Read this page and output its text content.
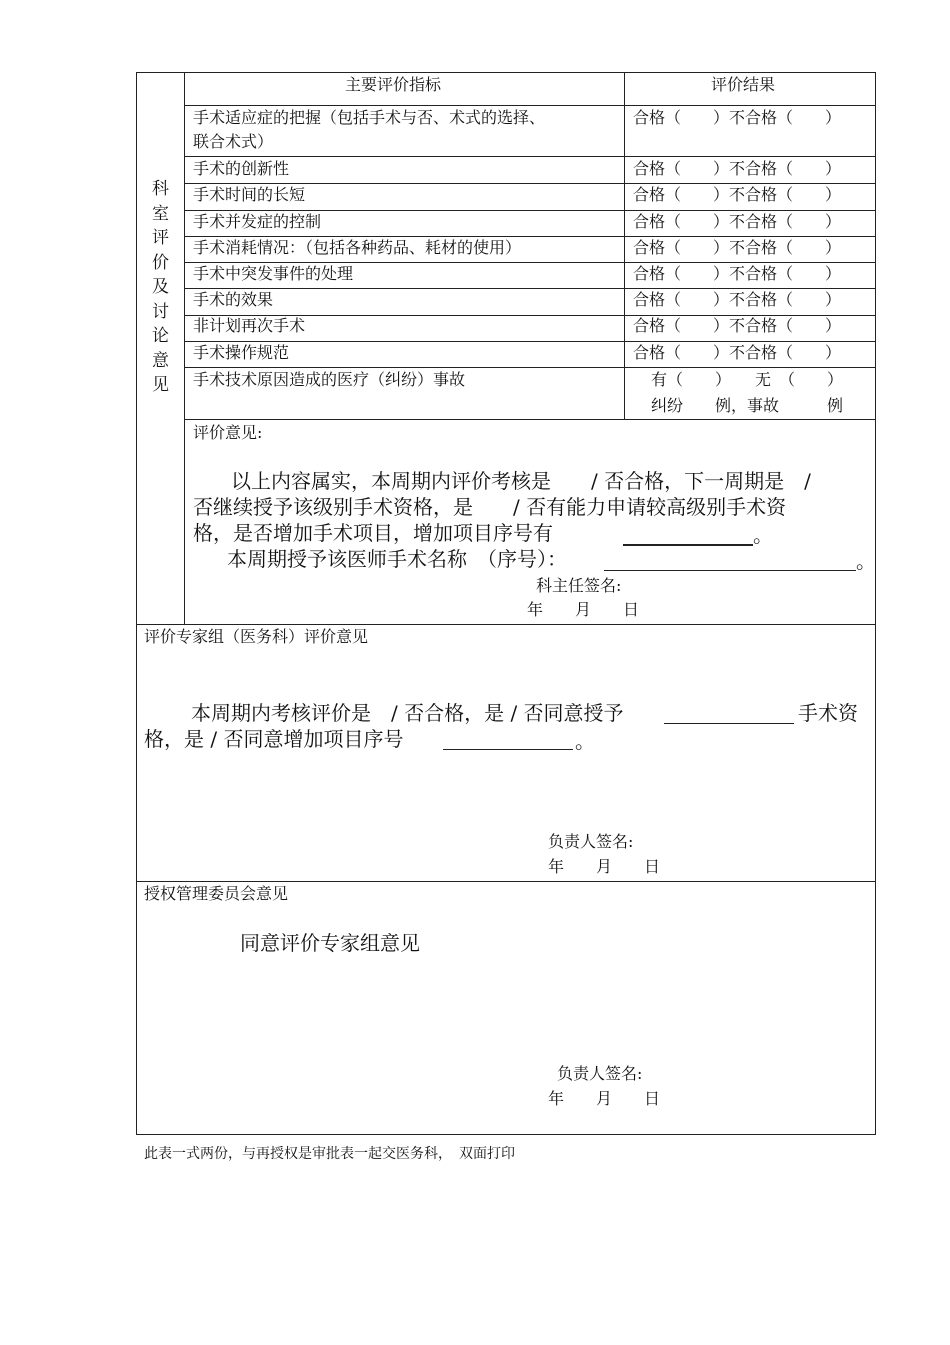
科
室
评
价
及
讨
论
意
见
主要评价指标	评价结果
手术适应症的把握（包括手术与否、术式的选择、
联合术式）
合格（　　）不合格（　　）
手术的创新性	合格（　　）不合格（　　）
手术时间的长短	合格（　　）不合格（　　）
手术并发症的控制	合格（　　）不合格（　　）
手术消耗情况：（包括各种药品、耗材的使用）	合格（　　）不合格（　　）
手术中突发事件的处理	合格（　　）不合格（　　）
手术的效果	合格（　　）不合格（　　）
非计划再次手术	合格（　　）不合格（　　）
手术操作规范	合格（　　）不合格（　　）
手术技术原因造成的医疗（纠纷）事故	有（　　）　　无　（　　）
纠纷　　例，事故　　　例
评价意见:
以上内容属实，本周期内评价考核是　　/ 否合格，下一周期是　/
否继续授予该级别手术资格，是　　/ 否有能力申请较高级别手术资
格，是否增加手术项目，增加项目序号有	。
本周期授予该医师手术名称　（序号）：	。
科主任签名:
年　　月　　日
评价专家组（医务科）评价意见
本周期内考核评价是　/ 否合格，是 / 否同意授予	手术资
格，是 / 否同意增加项目序号	。
负责人签名:
年　　月　　日
授权管理委员会意见
同意评价专家组意见
负责人签名:
年　　月　　日
此表一式两份，与再授权是审批表一起交医务科，　双面打印
